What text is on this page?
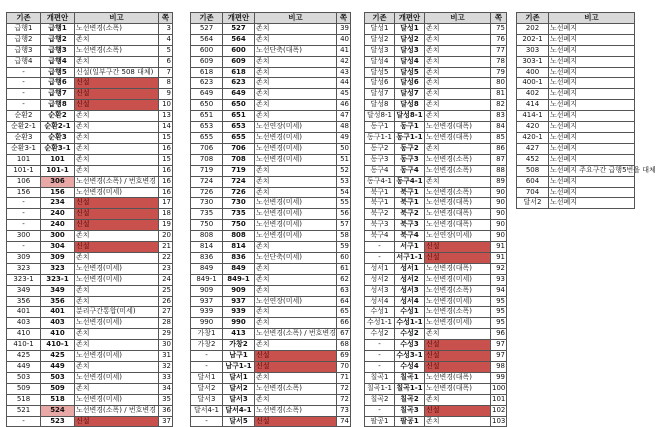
기존	개편안	비고	쪽
급행1	급행1	노선변경(소폭)	3
급행2	급행2	존치	4
급행3	급행3	노선변경(소폭)	5
급행4	급행4	존치	6
-	급행5	신설(일부구간 508 대체)	7
-	급행6	신설	8
-	급행7	신설	9
-	급행8	신설	10
순환2	순환2	존치	13
순환2-1	순환2-1	존치	14
순환3	순환3	존치	15
순환3-1	순환3-1	존치	16
101	101	존치	15
101-1	101-1	존치	16
106	306	노선변경(소폭) / 번호변경	16
156	156	노선변경(미세)	16
-	234	신설	17
-	240	신설	18
-	240	신설	19
300	300	존치	20
-	304	신설	21
309	309	존치	22
323	323	노선변경(미세)	23
323-1	323-1	노선변경(미세)	24
349	349	존치	25
356	356	존치	26
401	401	분리구간통합(미세)	27
403	403	노선변경(미세)	28
410	410	존치	29
410-1	410-1	존치	30
425	425	노선변경(미세)	31
449	449	존치	32
503	503	노선변경(미세)	33
509	509	존치	34
518	518	노선변경(미세)	35
521	524	노선변경(소폭) / 번호변경	36
-	523	신설	37
기존	개편안	비고	쪽
527	527	존치	39
564	564	존치	40
600	600	노선단축(대폭)	41
609	609	존치	42
618	618	존치	43
623	623	존치	44
649	649	존치	45
650	650	존치	46
651	651	존치	47
653	653	노선연장(미세)	48
655	655	노선변경(미세)	49
706	706	노선변경(미세)	50
708	708	노선변경(미세)	51
719	719	존치	52
724	724	존치	53
726	726	존치	54
730	730	노선변경(미세)	55
735	735	노선변경(미세)	56
750	750	노선변경(미세)	57
808	808	노선변경(미세)	58
814	814	존치	59
836	836	노선단축(미세)	60
849	849	존치	61
849-1	849-1	존치	62
909	909	존치	63
937	937	노선연장(미세)	64
939	939	존치	65
990	990	존치	66
가창1	413	노선변경(소폭) / 번호변경	67
가창2	가창2	존치	68
-	남구1	신설	69
-	남구1-1	신설	70
달서1	달서1	존치	71
달서2	달서2	노선변경(소폭)	72
달서3	달서3	존치	72
달서4-1	달서4-1	노선변경(소폭)	73
-	달서5	신설	74
기존	개편안	비고	쪽
달성1	달성1	존치	75
달성2	달성2	존치	76
달성3	달성3	존치	77
달성4	달성4	존치	78
달성5	달성5	존치	79
달성6	달성6	존치	80
달성7	달성7	존치	81
달성8	달성8	존치	82
달성8-1	달성8-1	존치	83
동구1	동구1	노선변경(대폭)	84
동구1-1	동구1-1	노선변경(대폭)	85
동구2	동구2	존치	86
동구3	동구3	노선변경(소폭)	87
동구4	동구4	노선변경(소폭)	88
동구4-1	동구4-1	존치	89
북구1	북구1	노선변경(소폭)	90
북구1	북구1	노선변경(대폭)	90
북구2	북구2	노선변경(대폭)	90
북구3	북구3	노선변경(대폭)	90
북구4	북구4	노선연장(미세)	90
-	서구1	신설	91
-	서구1-1	신설	91
성서1	성서1	노선변경(대폭)	92
성서2	성서2	노선변경(미세)	93
성서3	성서3	노선변경(소폭)	94
성서4	성서4	노선변경(미세)	95
수성1	수성1	노선변경(소폭)	95
수성1-1	수성1-1	노선변경(미세)	95
수성2	수성2	존치	96
-	수성3	신설	97
-	수성3-1	신설	97
-	수성4	신설	98
칠곡1	칠곡1	노선변경(대폭)	99
칠곡1-1	칠곡1-1	노선변경(대폭)	100
칠곡2	칠곡2	존치	101
-	칠곡3	신설	102
팔공1	팔공1	존치	103
기존	비고
202	노선폐지
202-1	노선폐지
303	노선폐지
303-1	노선폐지
400	노선폐지
400-1	노선폐지
402	노선폐지
414	노선폐지
414-1	노선폐지
420	노선폐지
420-1	노선폐지
427	노선폐지
452	노선폐지
508	노선폐지 주요구간 급행5번을 대체
604	노선폐지
704	노선폐지
달서2	노선폐지
